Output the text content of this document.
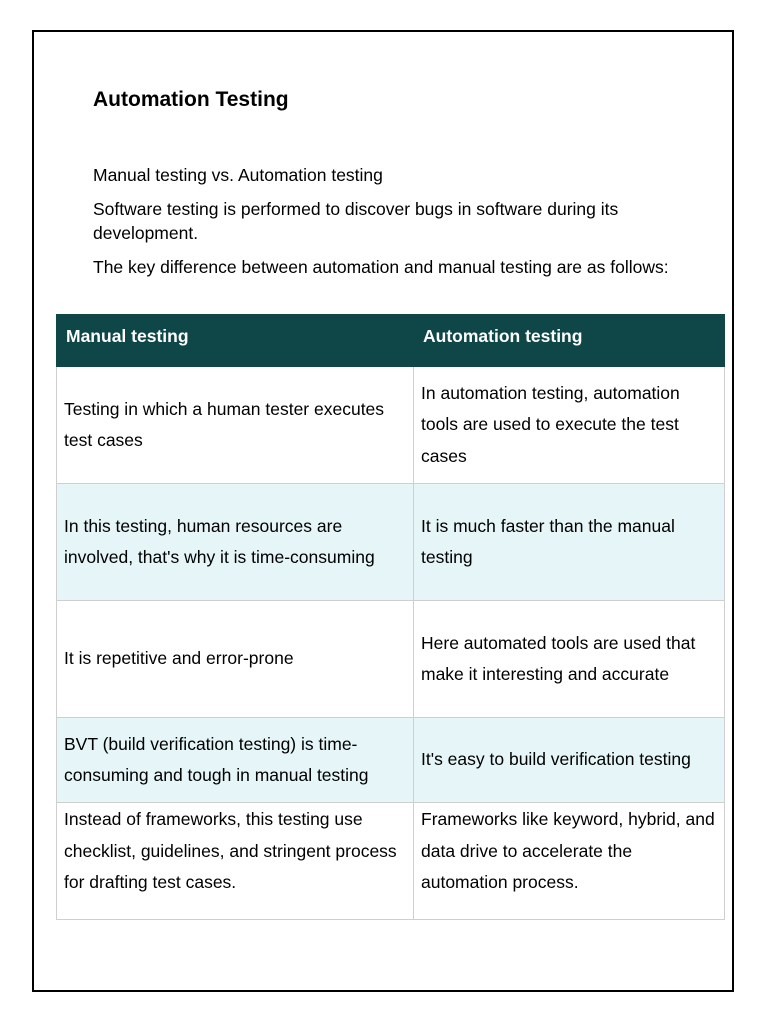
Automation Testing

Manual testing vs. Automation testing

Software testing is performed to discover bugs in software during its development.

The key difference between automation and manual testing are as follows:

Manual testing	Automation testing
Testing in which a human tester executes test cases	In automation testing, automation tools are used to execute the test cases
In this testing, human resources are involved, that's why it is time-consuming	It is much faster than the manual testing
It is repetitive and error-prone	Here automated tools are used that make it interesting and accurate
BVT (build verification testing) is time-consuming and tough in manual testing	It's easy to build verification testing
Instead of frameworks, this testing use checklist, guidelines, and stringent process for drafting test cases.	Frameworks like keyword, hybrid, and data drive to accelerate the automation process.
